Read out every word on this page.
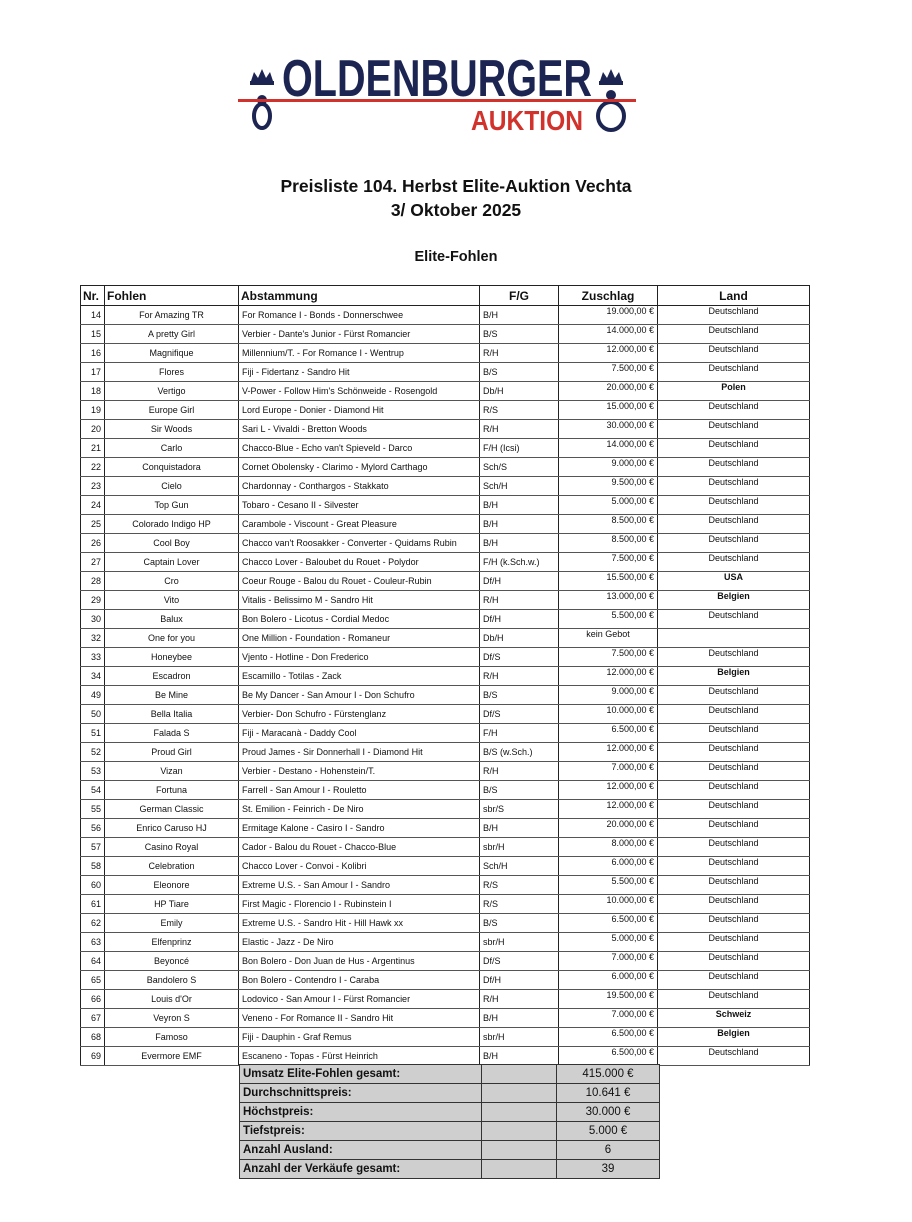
OLDENBURGER
AUKTION
Preisliste 104. Herbst Elite-Auktion Vechta
3/ Oktober 2025
Elite-Fohlen
Nr.	Fohlen	Abstammung	F/G	Zuschlag	Land
14	For Amazing TR	For Romance I - Bonds - Donnerschwee	B/H	19.000,00 €	Deutschland
15	A pretty Girl	Verbier - Dante's Junior - Fürst Romancier	B/S	14.000,00 €	Deutschland
16	Magnifique	Millennium/T. - For Romance I - Wentrup	R/H	12.000,00 €	Deutschland
17	Flores	Fiji - Fidertanz - Sandro Hit	B/S	7.500,00 €	Deutschland
18	Vertigo	V-Power - Follow Him's Schönweide - Rosengold	Db/H	20.000,00 €	Polen
19	Europe Girl	Lord Europe - Donier - Diamond Hit	R/S	15.000,00 €	Deutschland
20	Sir Woods	Sari L - Vivaldi - Bretton Woods	R/H	30.000,00 €	Deutschland
21	Carlo	Chacco-Blue - Echo van't Spieveld - Darco	F/H (Icsi)	14.000,00 €	Deutschland
22	Conquistadora	Cornet Obolensky - Clarimo - Mylord Carthago	Sch/S	9.000,00 €	Deutschland
23	Cielo	Chardonnay - Conthargos - Stakkato	Sch/H	9.500,00 €	Deutschland
24	Top Gun	Tobaro - Cesano II - Silvester	B/H	5.000,00 €	Deutschland
25	Colorado Indigo HP	Carambole - Viscount - Great Pleasure	B/H	8.500,00 €	Deutschland
26	Cool Boy	Chacco van't Roosakker - Converter - Quidams Rubin	B/H	8.500,00 €	Deutschland
27	Captain Lover	Chacco Lover - Baloubet du Rouet - Polydor	F/H (k.Sch.w.)	7.500,00 €	Deutschland
28	Cro	Coeur Rouge - Balou du Rouet - Couleur-Rubin	Df/H	15.500,00 €	USA
29	Vito	Vitalis - Belissimo M - Sandro Hit	R/H	13.000,00 €	Belgien
30	Balux	Bon Bolero - Licotus - Cordial Medoc	Df/H	5.500,00 €	Deutschland
32	One for you	One Million - Foundation - Romaneur	Db/H	kein Gebot	
33	Honeybee	Vjento - Hotline - Don Frederico	Df/S	7.500,00 €	Deutschland
34	Escadron	Escamillo - Totilas - Zack	R/H	12.000,00 €	Belgien
49	Be Mine	Be My Dancer - San Amour I - Don Schufro	B/S	9.000,00 €	Deutschland
50	Bella Italia	Verbier- Don Schufro - Fürstenglanz	Df/S	10.000,00 €	Deutschland
51	Falada S	Fiji - Maracanà - Daddy Cool	F/H	6.500,00 €	Deutschland
52	Proud Girl	Proud James - Sir Donnerhall I - Diamond Hit	B/S (w.Sch.)	12.000,00 €	Deutschland
53	Vizan	Verbier - Destano - Hohenstein/T.	R/H	7.000,00 €	Deutschland
54	Fortuna	Farrell - San Amour I - Rouletto	B/S	12.000,00 €	Deutschland
55	German Classic	St. Emilion - Feinrich - De Niro	sbr/S	12.000,00 €	Deutschland
56	Enrico Caruso HJ	Ermitage Kalone - Casiro I - Sandro	B/H	20.000,00 €	Deutschland
57	Casino Royal	Cador - Balou du Rouet - Chacco-Blue	sbr/H	8.000,00 €	Deutschland
58	Celebration	Chacco Lover - Convoi - Kolibri	Sch/H	6.000,00 €	Deutschland
60	Eleonore	Extreme U.S. - San Amour I - Sandro	R/S	5.500,00 €	Deutschland
61	HP Tiare	First Magic - Florencio I - Rubinstein I	R/S	10.000,00 €	Deutschland
62	Emily	Extreme U.S. - Sandro Hit - Hill Hawk xx	B/S	6.500,00 €	Deutschland
63	Elfenprinz	Elastic - Jazz - De Niro	sbr/H	5.000,00 €	Deutschland
64	Beyoncé	Bon Bolero - Don Juan de Hus - Argentinus	Df/S	7.000,00 €	Deutschland
65	Bandolero S	Bon Bolero - Contendro I - Caraba	Df/H	6.000,00 €	Deutschland
66	Louis d'Or	Lodovico - San Amour I - Fürst Romancier	R/H	19.500,00 €	Deutschland
67	Veyron S	Veneno - For Romance II - Sandro Hit	B/H	7.000,00 €	Schweiz
68	Famoso	Fiji - Dauphin - Graf Remus	sbr/H	6.500,00 €	Belgien
69	Evermore EMF	Escaneno - Topas - Fürst Heinrich	B/H	6.500,00 €	Deutschland
Umsatz Elite-Fohlen gesamt:		415.000 €
Durchschnittspreis:		10.641 €
Höchstpreis:		30.000 €
Tiefstpreis:		5.000 €
Anzahl Ausland:		6
Anzahl der Verkäufe gesamt:		39
